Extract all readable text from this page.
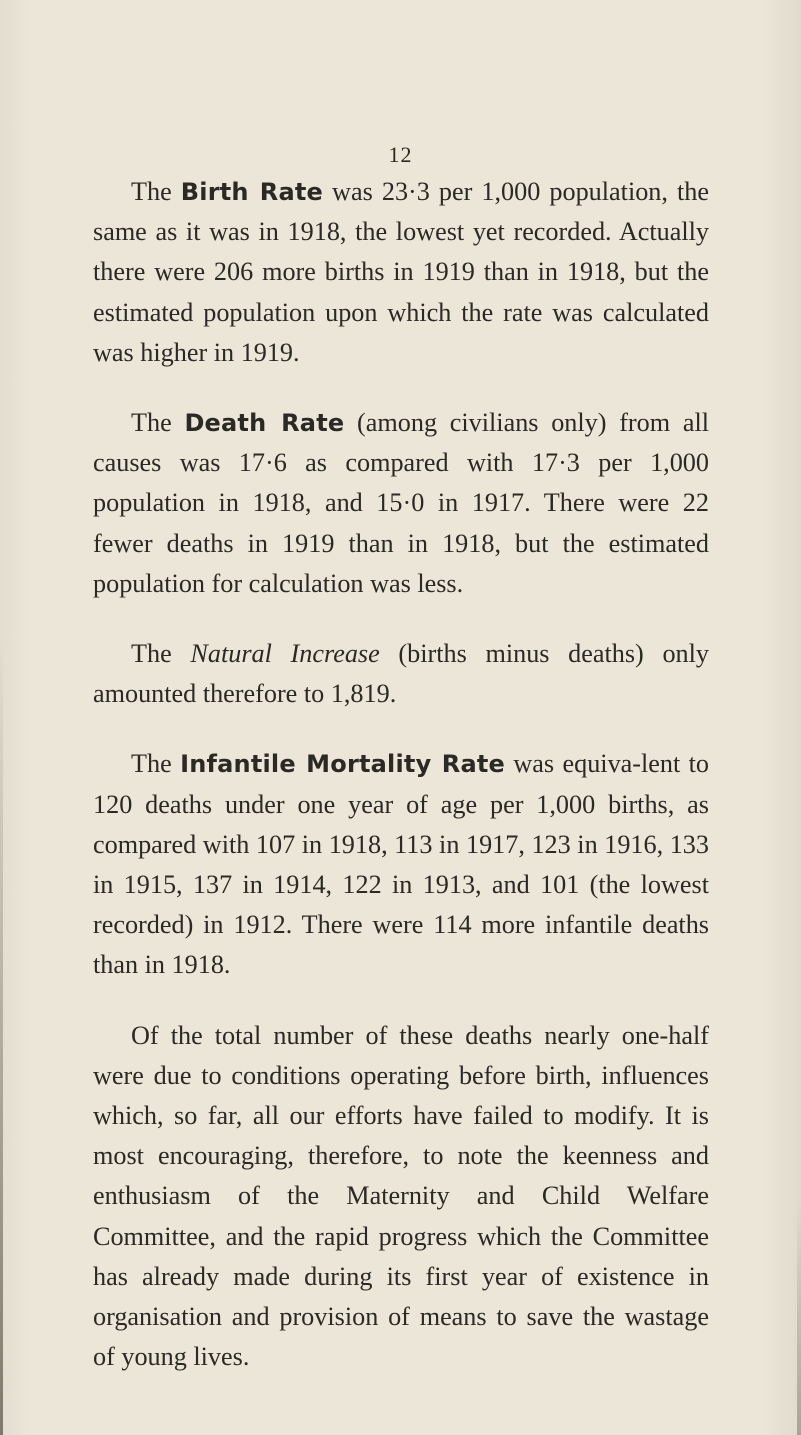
12

The Birth Rate was 23·3 per 1,000 population, the same as it was in 1918, the lowest yet recorded. Actually there were 206 more births in 1919 than in 1918, but the estimated population upon which the rate was calculated was higher in 1919.

The Death Rate (among civilians only) from all causes was 17·6 as compared with 17·3 per 1,000 population in 1918, and 15·0 in 1917. There were 22 fewer deaths in 1919 than in 1918, but the estimated population for calculation was less.

The Natural Increase (births minus deaths) only amounted therefore to 1,819.

The Infantile Mortality Rate was equiva-lent to 120 deaths under one year of age per 1,000 births, as compared with 107 in 1918, 113 in 1917, 123 in 1916, 133 in 1915, 137 in 1914, 122 in 1913, and 101 (the lowest recorded) in 1912. There were 114 more infantile deaths than in 1918.

Of the total number of these deaths nearly one-half were due to conditions operating before birth, influences which, so far, all our efforts have failed to modify. It is most encouraging, therefore, to note the keenness and enthusiasm of the Maternity and Child Welfare Committee, and the rapid progress which the Committee has already made during its first year of existence in organisation and provision of means to save the wastage of young lives.
